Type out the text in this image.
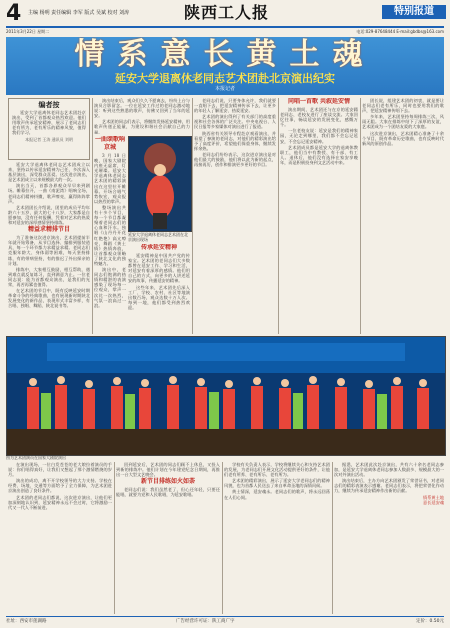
4 主编 杨明 责任编辑 李军 版式 吴斌 校对 刘涛	陕西工人报	特别报道
2011年3月22日 星期二	电话:029-87648444 E-mail:gbdbs@163.com
情系意长黄土魂
延安大学退离休老同志艺术团赴北京演出纪实
本报记者
编者按
延安大学退离休老同志艺术团赴京演出，受到了首都观众热烈欢迎。他们用歌声传承延安精神，展示了老同志们老有所为、老有所乐的精神风貌，值得我们学习。
本报记者 王涛 通讯员 刘明

延安大学退离休老同志艺术团成立以来，坚持以传承延安精神为己任，多次深入基层演出，深受群众喜爱。这次进京演出，是艺术团成立以来规模最大的一次。

演出当天，首都各界观众早早来到剧场。帷幕拉开，一曲《南泥湾》唱响全场，老同志们精神抖擞，歌声嘹亮，赢得阵阵掌声。

艺术团团长介绍说，团里的成员平均年龄六十五岁，最大的七十八岁，大家都是自愿参加，没有任何报酬，凭着对艺术的热爱和对延安的深厚感情坚持排练。

精益求精排节目

为了准备这次进京演出，艺术团提前半年就开始筹备，从节目选择、编排到服装道具，每一个环节都力求精益求精。老同志们克服年龄大、身体弱等困难，每天坚持排练，有的带病坚持，有的推迟了外出探亲的计划。

排练中，大家相互鼓励，相互帮助，遇到难点就反复练习，直到满意为止。一位老同志说：能为首都观众演出，是我们的光荣，再苦再累也值得。

在艺术团的节目中，既有反映延安时期革命斗争的经典歌曲，也有展现新时期陕北发展变化的新作品，表现形式丰富多样，有合唱、独唱、舞蹈、陕北说书等。

演出结束后，观众们久久不愿离去，纷纷上台与演员合影留念。一位在延安工作过的老同志激动地说：听到这些熟悉的歌声，仿佛又回到了当年的延安。

艺术团的同志们表示，将继续发扬延安精神，用歌声传递正能量，为建设和谐社会贡献自己的力量。

一曲颂歌响京城

3月18日晚，国家大剧院内座无虚席，灯光璀璨。延安大学退离休老同志艺术团的精彩演出在这里拉开帷幕。开场合唱气势恢宏，观众报以热烈的掌声。

整场演出共有十多个节目，每一个节目都凝聚着老同志们的心血和汗水。独唱《山丹丹开花红艳艳》高亢嘹亮，舞蹈《黄土情》热情奔放，让首都观众领略了陕北文化的独特魅力。

演出中，老同志们饱满的热情和精湛的表演感染了现场每一位观众，掌声一次比一次热烈，气氛一浪高过一浪。

延安大学退离休老同志艺术团在北京演出现场

传承延安精神

延安精神是中国共产党的传家宝。艺术团的老同志们大多数都曾在延安工作、学习和生活，对延安有着深厚的感情。他们用自己的方式，向更多的人讲述延安的故事，传播延安的精神。

这些年来，艺术团先后深入工厂、学校、农村、社区等地演出数百场，观众达数十万人次。每到一地，他们都受到热烈欢迎。

老同志们说，只要身体允许，我们就要一直唱下去，把延安精神传承下去，让更多的年轻人了解延安、热爱延安。

艺术团的演出得到了有关部门的高度重视和社会各界的广泛关注。中央电视台、人民日报等多家媒体对演出进行了报道。

陕西省有关领导专程赴京观看演出，并看望了参演的老同志，对他们的精彩演出给予了高度评价，希望他们保重身体，继续发挥余热。

老同志们纷纷表示，这次进京演出是对他们最大的鼓励，他们将以此为新的起点，再接再厉，创作和排演更多更好的节目。

同唱一首歌 共叙延安情

演出期间，艺术团还与在京的延安籍老同志、老校友进行了座谈交流。大家回忆往事，畅谈延安的发展变化，感慨万千。

一位老校友说：延安是我们的精神家园，无论走到哪里，我们都不会忘记延安，不会忘记延安精神。

艺术团成员都是延安大学的退离休教职工，他们当中有教授、有干部、有工人。退休后，他们没有选择在家安享晚年，而是积极投身到文艺活动中来。

团长说，组建艺术团的初衷，就是要让老同志们老有所乐，同时也要用我们的歌声，把延安精神传唱下去。

多年来，艺术团坚持每周排练三次，风雨无阻。大家在排练中结下了深厚的友谊，艺术团成为一个团结友爱的大家庭。

这次进京演出，艺术团精心准备了十余个节目，既有革命历史歌曲，也有反映时代新风的原创作品。

图为艺术团演员在国家大剧院演出

在演出现场，一位白发苍苍的老大娘拉着演员的手说：你们唱得真好，让我们又想起了那个激情燃烧的岁月。

演出的成功，离不开学校领导的大力支持。学校在经费、场地、交通等方面给予了全力保障，为艺术团进京演出创造了良好条件。

艺术团的老同志们都说，这次进京演出，让他们更加深刻地认识到，延安精神永远不会过时，它将激励一代又一代人不断前进。

回到延安后，艺术团的同志们顾不上休息，又投入到新的排练中。他们计划在今年建党纪念日期间，再推出一台大型文艺晚会。

新节目排练如火如荼

老同志们说：我们虽然老了，但心还年轻，只要还能唱，就要为党和人民歌唱，为延安歌唱。

学校有关负责人表示，学校将继续关心和支持艺术团的发展，为老同志们开展文化活动提供更好的条件，让他们老有所养、老有所乐、老有所为。

艺术团的精彩演出，展示了延安大学老同志们的精神风貌，也为首都人民送去了来自革命圣地的深情问候。

黄土情深，延安魂永。老同志们的歌声，将永远回荡在人们心间。

据悉，艺术团此次赴京演出，共有六十余名老同志参加，是延安大学退离休老同志参加人数最多、规模最大的一次对外演出活动。

演出结束后，主办方向艺术团颁发了荣誉证书，对老同志们的精彩表演表示感谢。老同志们表示，将把荣誉化作动力，继续为传承延安精神作出新的贡献。

情系黄土地
意长延安魂

社址：西安市莲湖路	广告经营许可证：陕工商广字	定价：0.50元
